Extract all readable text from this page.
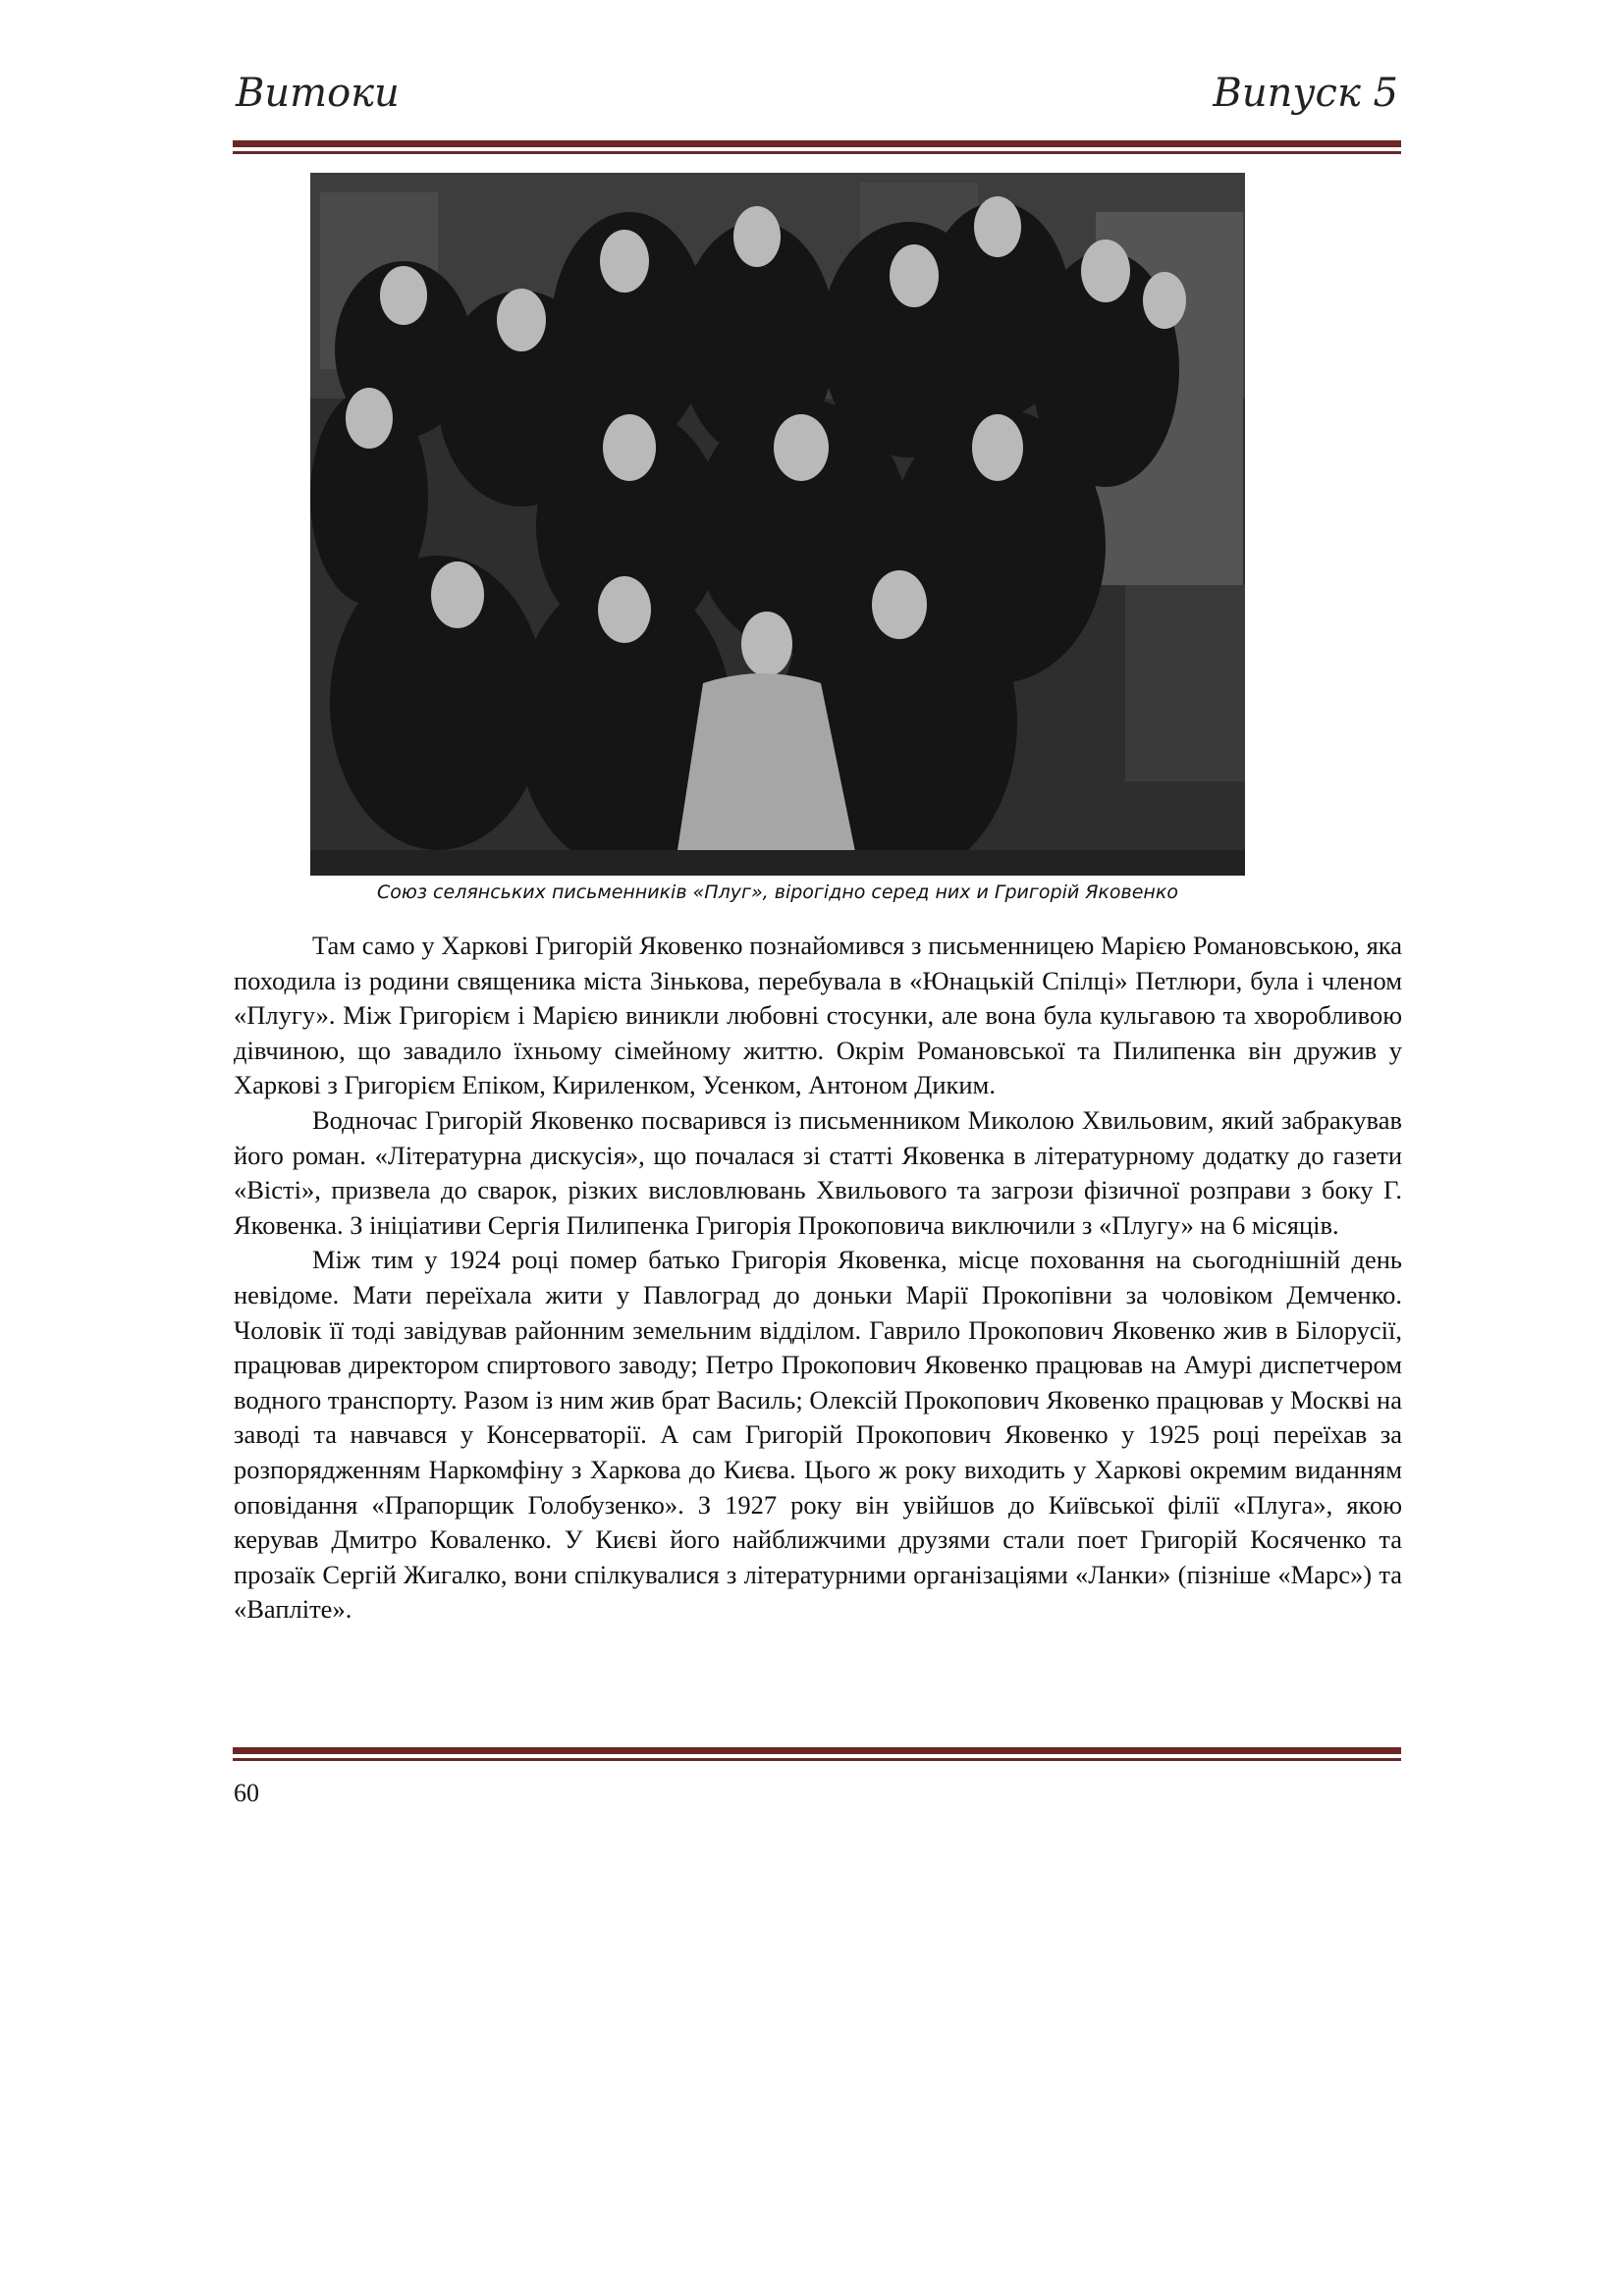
Витоки	Випуск 5
Союз селянських письменників «Плуг», вірогідно серед них и Григорій Яковенко

Там само у Харкові Григорій Яковенко познайомився з письменницею Марією Романовською, яка походила із родини священика міста Зінькова, перебувала в «Юнацькій Спілці» Петлюри, була і членом «Плугу». Між Григорієм і Марією виникли любовні стосунки, але вона була кульгавою та хворобливою дівчиною, що завадило їхньому сімейному життю. Окрім Романовської та Пилипенка він дружив у Харкові з Григорієм Епіком, Кириленком, Усенком, Антоном Диким.

Водночас Григорій Яковенко посварився із письменником Миколою Хвильовим, який забракував його роман. «Літературна дискусія», що почалася зі статті Яковенка в літературному додатку до газети «Вісті», призвела до сварок, різких висловлювань Хвильового та загрози фізичної розправи з боку Г. Яковенка. З ініціативи Сергія Пилипенка Григорія Прокоповича виключили з «Плугу» на 6 місяців.

Між тим у 1924 році помер батько Григорія Яковенка, місце поховання на сьогоднішній день невідоме. Мати переїхала жити у Павлоград до доньки Марії Прокопівни за чоловіком Демченко. Чоловік її тоді завідував районним земельним відділом. Гаврило Прокопович Яковенко жив в Білорусії, працював директором спиртового заводу; Петро Прокопович Яковенко працював на Амурі диспетчером водного транспорту. Разом із ним жив брат Василь; Олексій Прокопович Яковенко працював у Москві на заводі та навчався у Консерваторії. А сам Григорій Прокопович Яковенко у 1925 році переїхав за розпорядженням Наркомфіну з Харкова до Києва. Цього ж року виходить у Харкові окремим виданням оповідання «Прапорщик Голобузенко». З 1927 року він увійшов до Київської філії «Плуга», якою керував Дмитро Коваленко. У Києві його найближчими друзями стали поет Григорій Косяченко та прозаїк Сергій Жигалко, вони спілкувалися з літературними організаціями «Ланки» (пізніше «Марс») та «Вапліте».

60
